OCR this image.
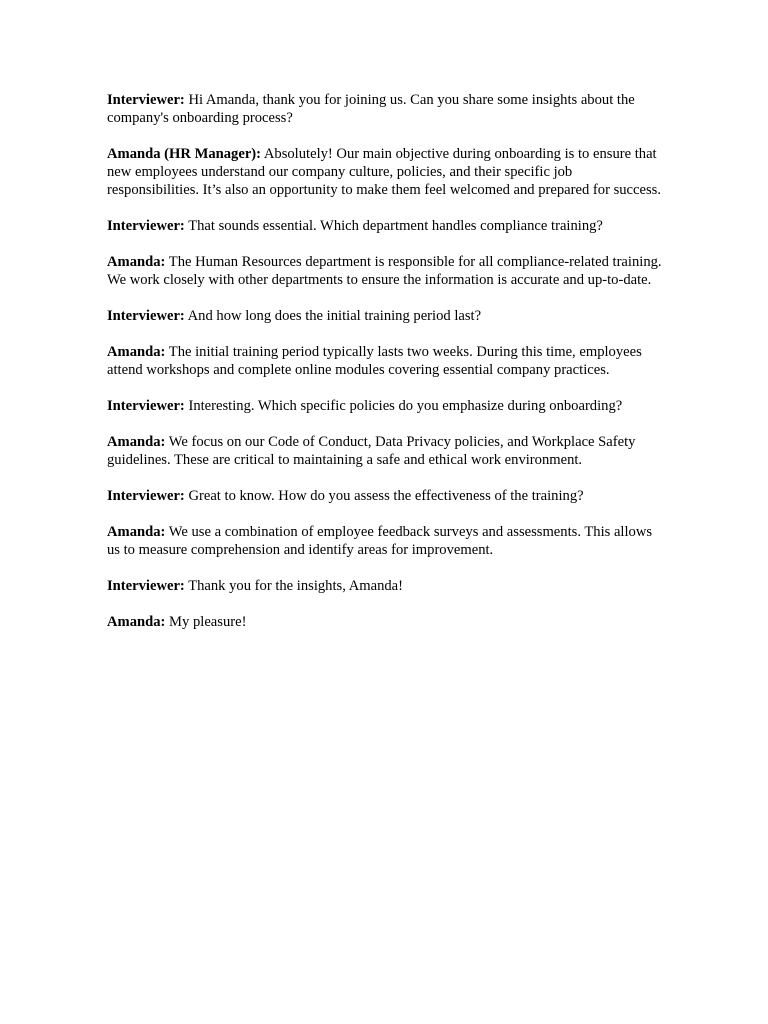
Interviewer: Hi Amanda, thank you for joining us. Can you share some insights about the company's onboarding process?

Amanda (HR Manager): Absolutely! Our main objective during onboarding is to ensure that new employees understand our company culture, policies, and their specific job responsibilities. It’s also an opportunity to make them feel welcomed and prepared for success.

Interviewer: That sounds essential. Which department handles compliance training?

Amanda: The Human Resources department is responsible for all compliance-related training. We work closely with other departments to ensure the information is accurate and up-to-date.

Interviewer: And how long does the initial training period last?

Amanda: The initial training period typically lasts two weeks. During this time, employees attend workshops and complete online modules covering essential company practices.

Interviewer: Interesting. Which specific policies do you emphasize during onboarding?

Amanda: We focus on our Code of Conduct, Data Privacy policies, and Workplace Safety guidelines. These are critical to maintaining a safe and ethical work environment.

Interviewer: Great to know. How do you assess the effectiveness of the training?

Amanda: We use a combination of employee feedback surveys and assessments. This allows us to measure comprehension and identify areas for improvement.

Interviewer: Thank you for the insights, Amanda!

Amanda: My pleasure!
